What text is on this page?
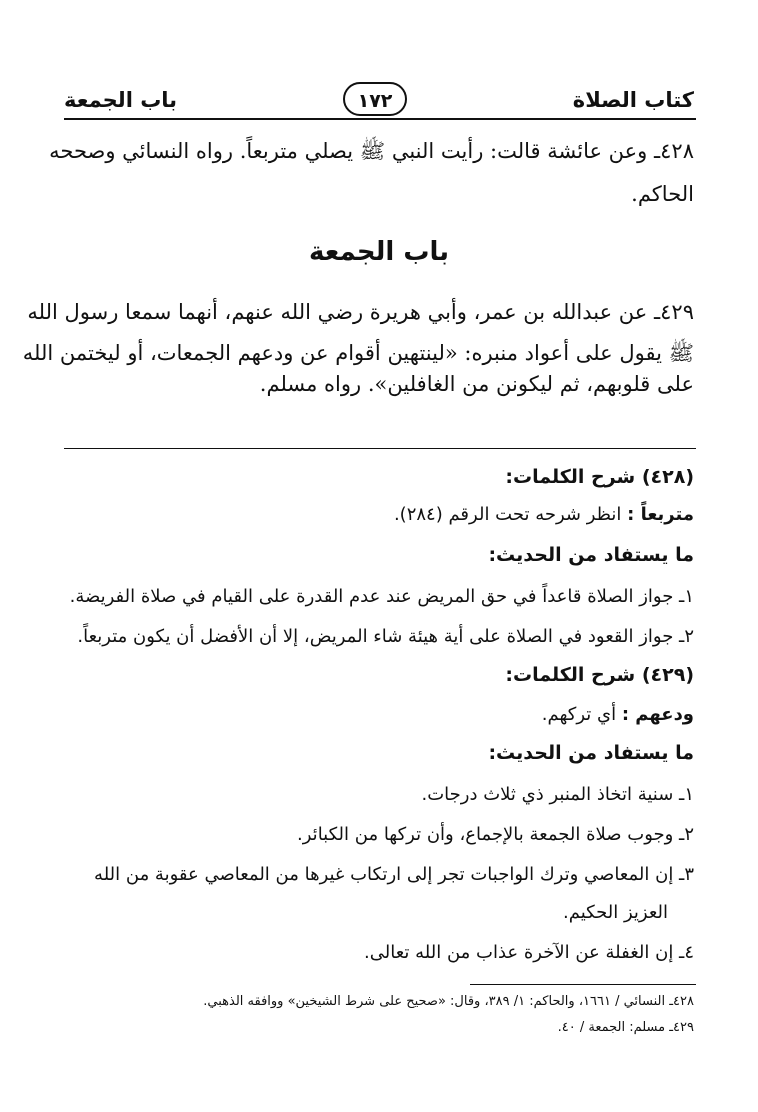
كتاب الصلاة
١٧٢
باب الجمعة
٤٢٨ـ وعن عائشة قالت: رأيت النبي ﷺ يصلي متربعاً. رواه النسائي وصححه
الحاكم.
باب الجمعة
٤٢٩ـ عن عبدالله بن عمر، وأبي هريرة رضي الله عنهم، أنهما سمعا رسول الله
ﷺ يقول على أعواد منبره: «لينتهين أقوام عن ودعهم الجمعات، أو ليختمن الله
على قلوبهم، ثم ليكونن من الغافلين». رواه مسلم.
(٤٢٨) شرح الكلمات:
متربعاً : انظر شرحه تحت الرقم (٢٨٤).
ما يستفاد من الحديث:
١ـ جواز الصلاة قاعداً في حق المريض عند عدم القدرة على القيام في صلاة الفريضة.
٢ـ جواز القعود في الصلاة على أية هيئة شاء المريض، إلا أن الأفضل أن يكون متربعاً.
(٤٢٩) شرح الكلمات:
ودعهم : أي تركهم.
ما يستفاد من الحديث:
١ـ سنية اتخاذ المنبر ذي ثلاث درجات.
٢ـ وجوب صلاة الجمعة بالإجماع، وأن تركها من الكبائر.
٣ـ إن المعاصي وترك الواجبات تجر إلى ارتكاب غيرها من المعاصي عقوبة من الله
العزيز الحكيم.
٤ـ إن الغفلة عن الآخرة عذاب من الله تعالى.
٤٢٨ـ النسائي / ١٦٦١، والحاكم: ١/ ٣٨٩، وقال: «صحيح على شرط الشيخين» ووافقه الذهبي.
٤٢٩ـ مسلم: الجمعة / ٤٠.
